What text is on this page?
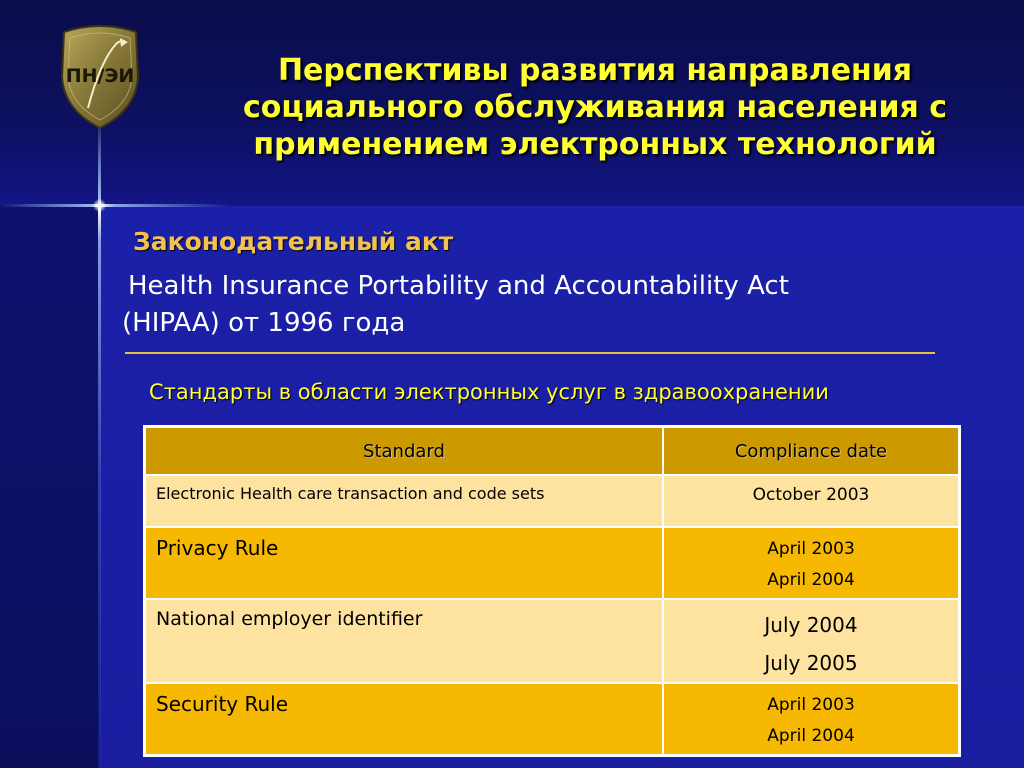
ПН/ЭИ	Перспективы развития направления
социального обслуживания населения с
применением электронных технологий
Законодательный акт
Health Insurance Portability and Accountability Act
(HIPAA) от 1996 года
Стандарты в области электронных услуг в здравоохранении
Standard	Compliance date
Electronic Health care transaction and code sets	October 2003
Privacy Rule	April 2003
April 2004

National employer identifier	July 2004
July 2005

Security Rule	April 2003
April 2004
